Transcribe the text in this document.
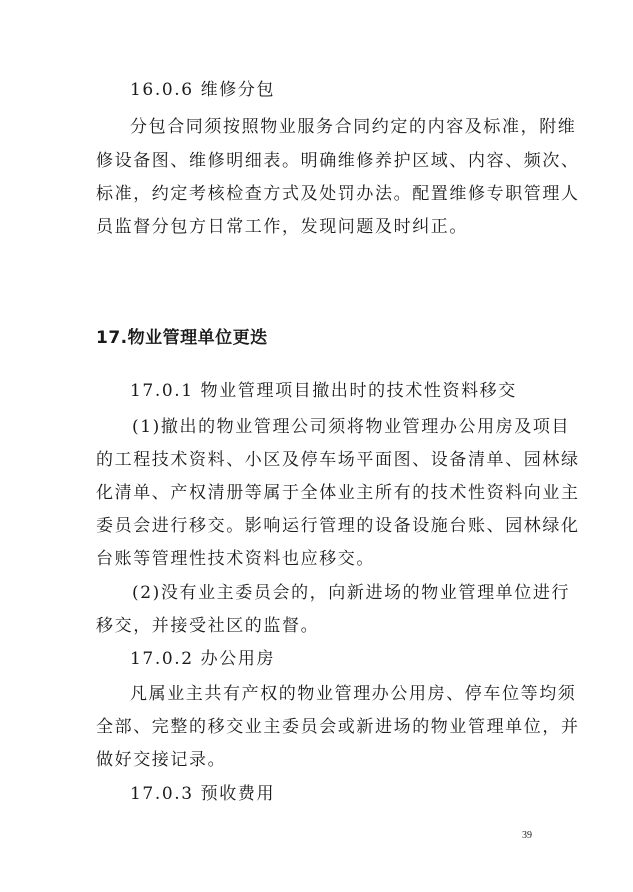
16.0.6 维修分包
分包合同须按照物业服务合同约定的内容及标准，附维
修设备图、维修明细表。明确维修养护区域、内容、频次、
标准，约定考核检查方式及处罚办法。配置维修专职管理人
员监督分包方日常工作，发现问题及时纠正。
17.物业管理单位更迭
17.0.1 物业管理项目撤出时的技术性资料移交
(1)撤出的物业管理公司须将物业管理办公用房及项目
的工程技术资料、小区及停车场平面图、设备清单、园林绿
化清单、产权清册等属于全体业主所有的技术性资料向业主
委员会进行移交。影响运行管理的设备设施台账、园林绿化
台账等管理性技术资料也应移交。
(2)没有业主委员会的，向新进场的物业管理单位进行
移交，并接受社区的监督。
17.0.2 办公用房
凡属业主共有产权的物业管理办公用房、停车位等均须
全部、完整的移交业主委员会或新进场的物业管理单位，并
做好交接记录。
17.0.3 预收费用
39
